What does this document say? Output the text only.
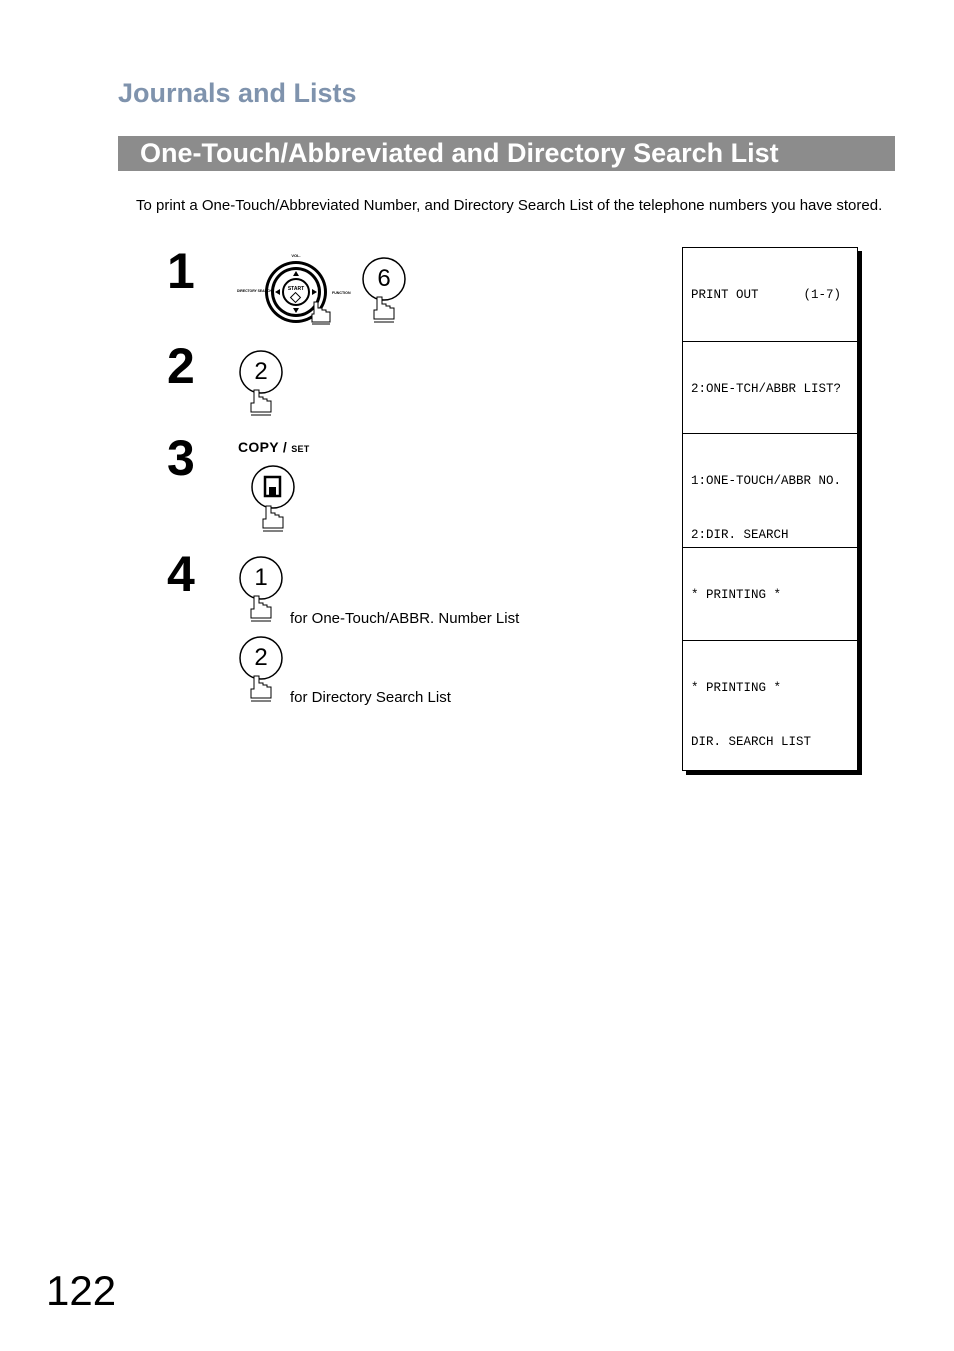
Journals and Lists
One-Touch/Abbreviated and Directory Search List

To print a One-Touch/Abbreviated Number, and Directory Search List of the telephone numbers you have stored.

1
2
3
4
START
VOL.
DIRECTORY SEARCH	FUNCTION
6
2
COPY / SET
1
for One-Touch/ABBR. Number List
2
for Directory Search List

PRINT OUT      (1-7)

2:ONE-TCH/ABBR LIST?

1:ONE-TOUCH/ABBR NO.

2:DIR. SEARCH

* PRINTING *

* PRINTING *

DIR. SEARCH LIST

122
